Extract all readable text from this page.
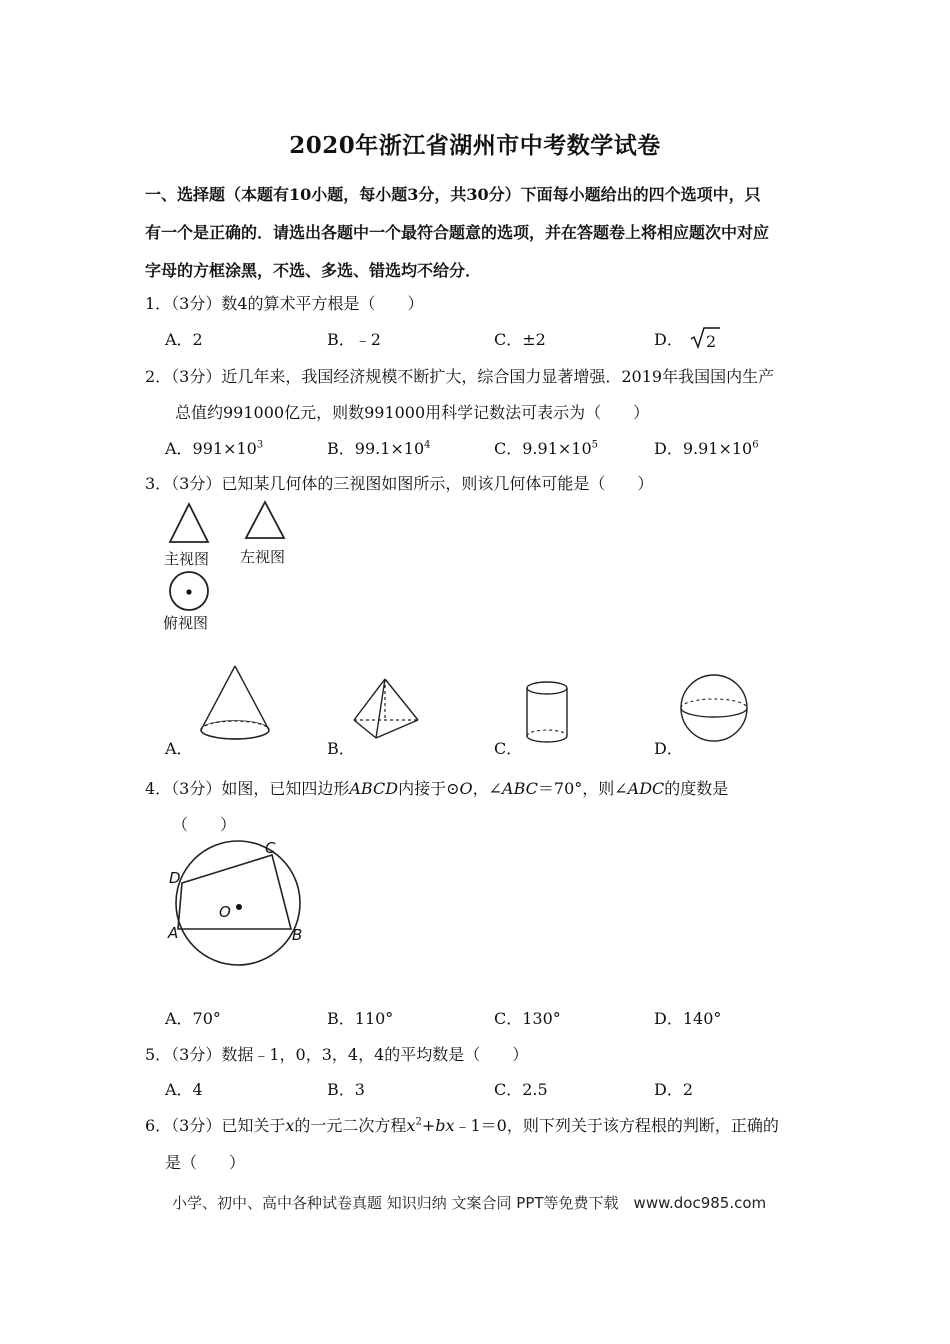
2020年浙江省湖州市中考数学试卷
一、选择题（本题有10小题，每小题3分，共30分）下面每小题给出的四个选项中，只
有一个是正确的．请选出各题中一个最符合题意的选项，并在答题卷上将相应题次中对应
字母的方框涂黑，不选、多选、错选均不给分．
1．（3分）数4的算术平方根是（　　）
A．2	B．﹣2	C．±2	D． 2
2．（3分）近几年来，我国经济规模不断扩大，综合国力显著增强．2019年我国国内生产
总值约991000亿元，则数991000用科学记数法可表示为（　　）
A．$991\times 10^3$	B．$99.1\times 10^4$	C．$9.91\times 10^5$	D．$9.91\times 10^6$
3．（3分）已知某几何体的三视图如图所示，则该几何体可能是（　　）
主视图 左视图
俯视图
A．	B．	C．	D．
4．（3分）如图，已知四边形ABCD内接于⊙O，∠ABC＝70°，则∠ADC的度数是
（　　）
A	B
C
D
O
A．70°	B．110°	C．130°	D．140°
5．（3分）数据﹣1，0，3，4，4的平均数是（　　）
A．4	B．3	C．2.5	D．2
6．（3分）已知关于x的一元二次方程$x^2+bx﹣1=0$，则下列关于该方程根的判断，正确的
是（　　）
小学、初中、高中各种试卷真题 知识归纳 文案合同 PPT等免费下载　www.doc985.com
